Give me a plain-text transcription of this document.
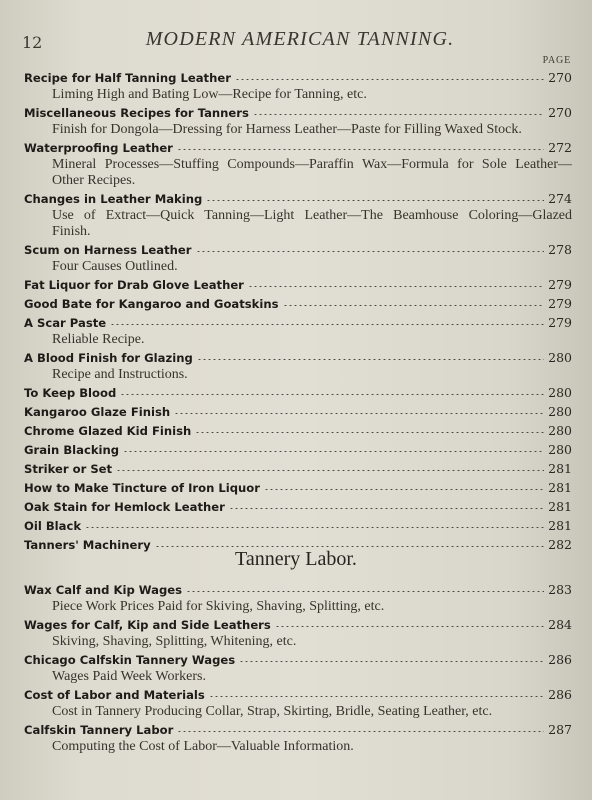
12	MODERN AMERICAN TANNING.
PAGE
Recipe for Half Tanning Leather	270
Liming High and Bating Low—Recipe for Tanning, etc.
Miscellaneous Recipes for Tanners	270
Finish for Dongola—Dressing for Harness Leather—Paste for Filling Waxed Stock.
Waterproofing Leather	272
Mineral Processes—Stuffing Compounds—Paraffin Wax—Formula for Sole Leather—Other Recipes.
Changes in Leather Making	274
Use of Extract—Quick Tanning—Light Leather—The Beamhouse Coloring—Glazed Finish.
Scum on Harness Leather	278
Four Causes Outlined.
Fat Liquor for Drab Glove Leather	279
Good Bate for Kangaroo and Goatskins	279
A Scar Paste	279
Reliable Recipe.
A Blood Finish for Glazing	280
Recipe and Instructions.
To Keep Blood	280
Kangaroo Glaze Finish	280
Chrome Glazed Kid Finish	280
Grain Blacking	280
Striker or Set	281
How to Make Tincture of Iron Liquor	281
Oak Stain for Hemlock Leather	281
Oil Black	281
Tanners' Machinery	282
Tannery Labor.
Wax Calf and Kip Wages	283
Piece Work Prices Paid for Skiving, Shaving, Splitting, etc.
Wages for Calf, Kip and Side Leathers	284
Skiving, Shaving, Splitting, Whitening, etc.
Chicago Calfskin Tannery Wages	286
Wages Paid Week Workers.
Cost of Labor and Materials	286
Cost in Tannery Producing Collar, Strap, Skirting, Bridle, Seating Leather, etc.
Calfskin Tannery Labor	287
Computing the Cost of Labor—Valuable Information.
